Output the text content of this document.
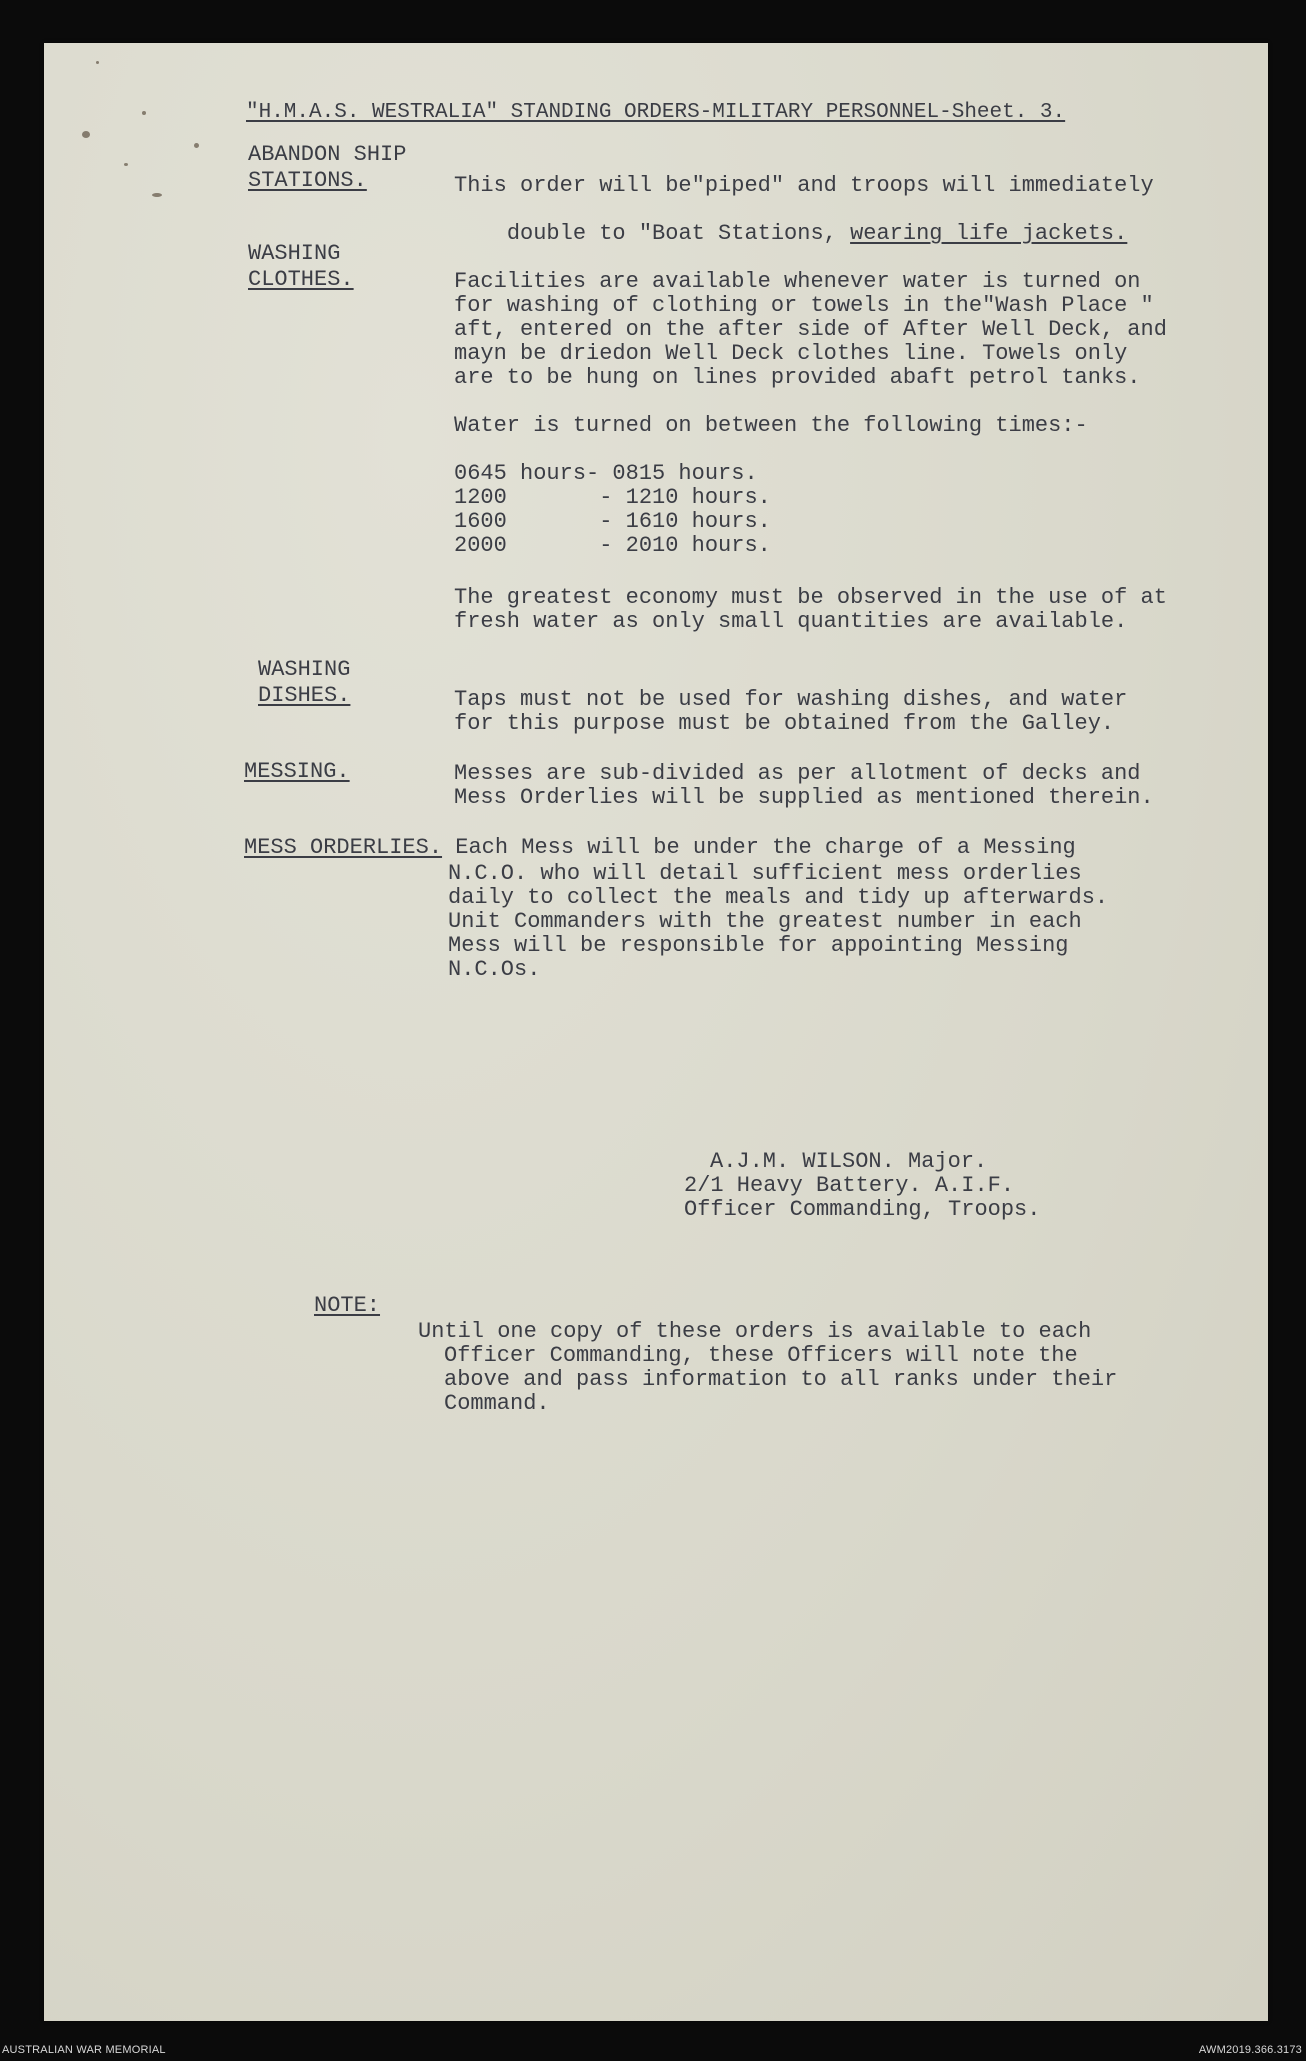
"H.M.A.S. WESTRALIA" STANDING ORDERS-MILITARY PERSONNEL-Sheet. 3.
ABANDON SHIP
STATIONS.	This order will be"piped" and troops will immediately

double to "Boat Stations, wearing life jackets.

WASHING
CLOTHES.	Facilities are available whenever water is turned on
for washing of clothing or towels in the"Wash Place "
aft, entered on the after side of After Well Deck, and
mayn be driedon Well Deck clothes line. Towels only
are to be hung on lines provided abaft petrol tanks.
Water is turned on between the following times:-
0645 hours- 0815 hours.
1200       - 1210 hours.
1600       - 1610 hours.
2000       - 2010 hours.
The greatest economy must be observed in the use of at
fresh water as only small quantities are available.
WASHING
DISHES.	Taps must not be used for washing dishes, and water
for this purpose must be obtained from the Galley.
MESSING.	Messes are sub-divided as per allotment of decks and
Mess Orderlies will be supplied as mentioned therein.
MESS ORDERLIES. Each Mess will be under the charge of a Messing
N.C.O. who will detail sufficient mess orderlies
daily to collect the meals and tidy up afterwards.
Unit Commanders with the greatest number in each
Mess will be responsible for appointing Messing
N.C.Os.
A.J.M. WILSON. Major.
2/1 Heavy Battery. A.I.F.
Officer Commanding, Troops.
NOTE:
Until one copy of these orders is available to each
Officer Commanding, these Officers will note the
above and pass information to all ranks under their
Command.
AUSTRALIAN WAR MEMORIAL	AWM2019.366.3173
